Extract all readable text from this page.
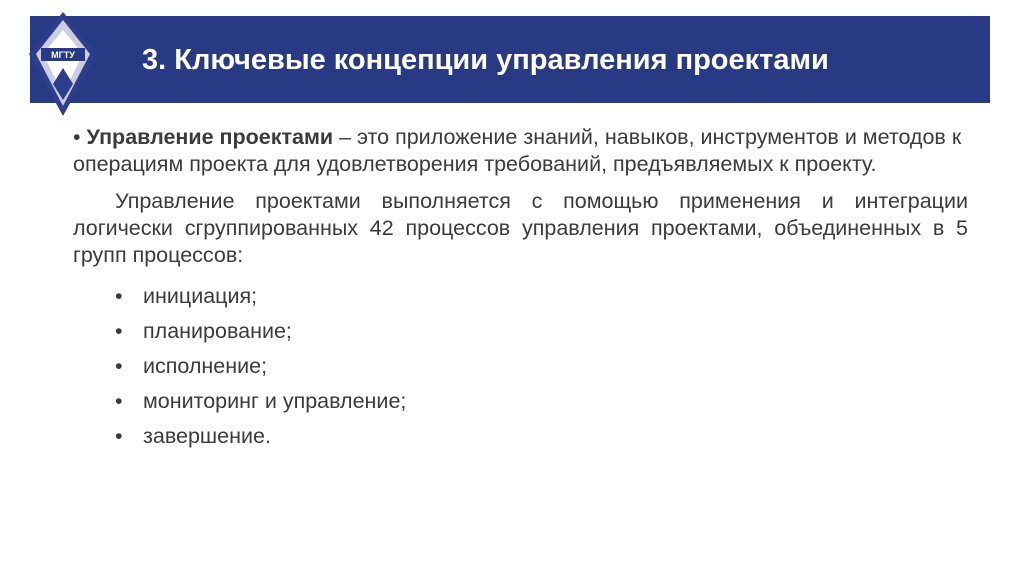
МГТУ 3. Ключевые концепции управления проектами

• Управление проектами – это приложение знаний, навыков, инструментов и методов к операциям проекта для удовлетворения требований, предъявляемых к проекту.

Управление проектами выполняется с помощью применения и интеграции логически сгруппированных 42 процессов управления проектами, объединенных в 5 групп процессов:

• инициация;
• планирование;
• исполнение;
• мониторинг и управление;
• завершение.
